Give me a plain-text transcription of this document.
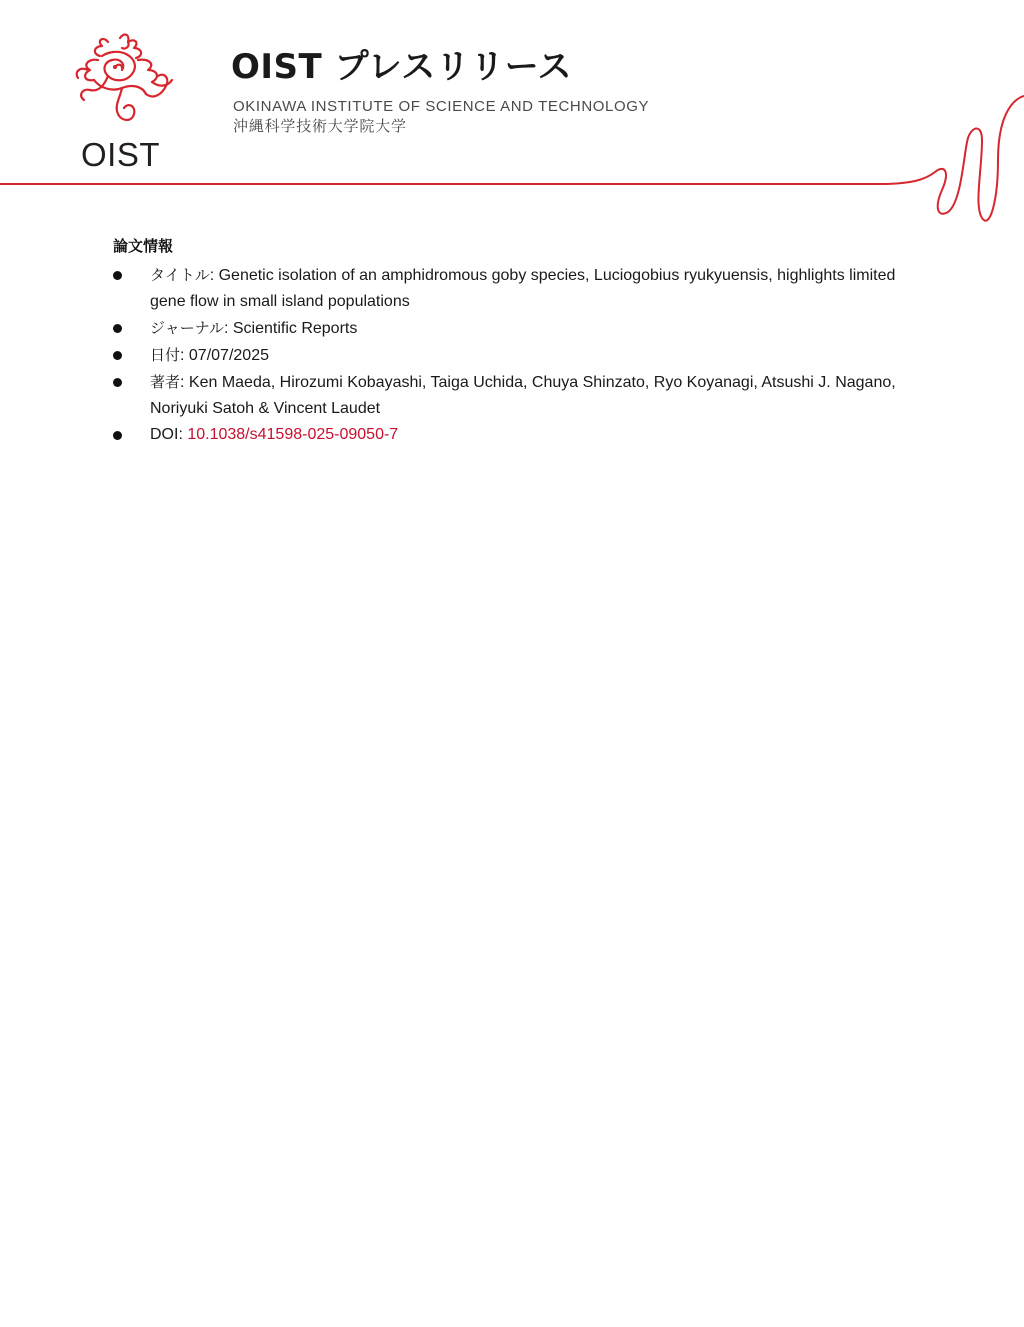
OIST
OIST プレスリリース
OKINAWA INSTITUTE OF SCIENCE AND TECHNOLOGY
沖縄科学技術大学院大学
論文情報
タイトル: Genetic isolation of an amphidromous goby species, Luciogobius ryukyuensis, highlights limited gene flow in small island populations
ジャーナル: Scientific Reports
日付: 07/07/2025
著者: Ken Maeda, Hirozumi Kobayashi, Taiga Uchida, Chuya Shinzato, Ryo Koyanagi, Atsushi J. Nagano, Noriyuki Satoh & Vincent Laudet
DOI: 10.1038/s41598-025-09050-7
